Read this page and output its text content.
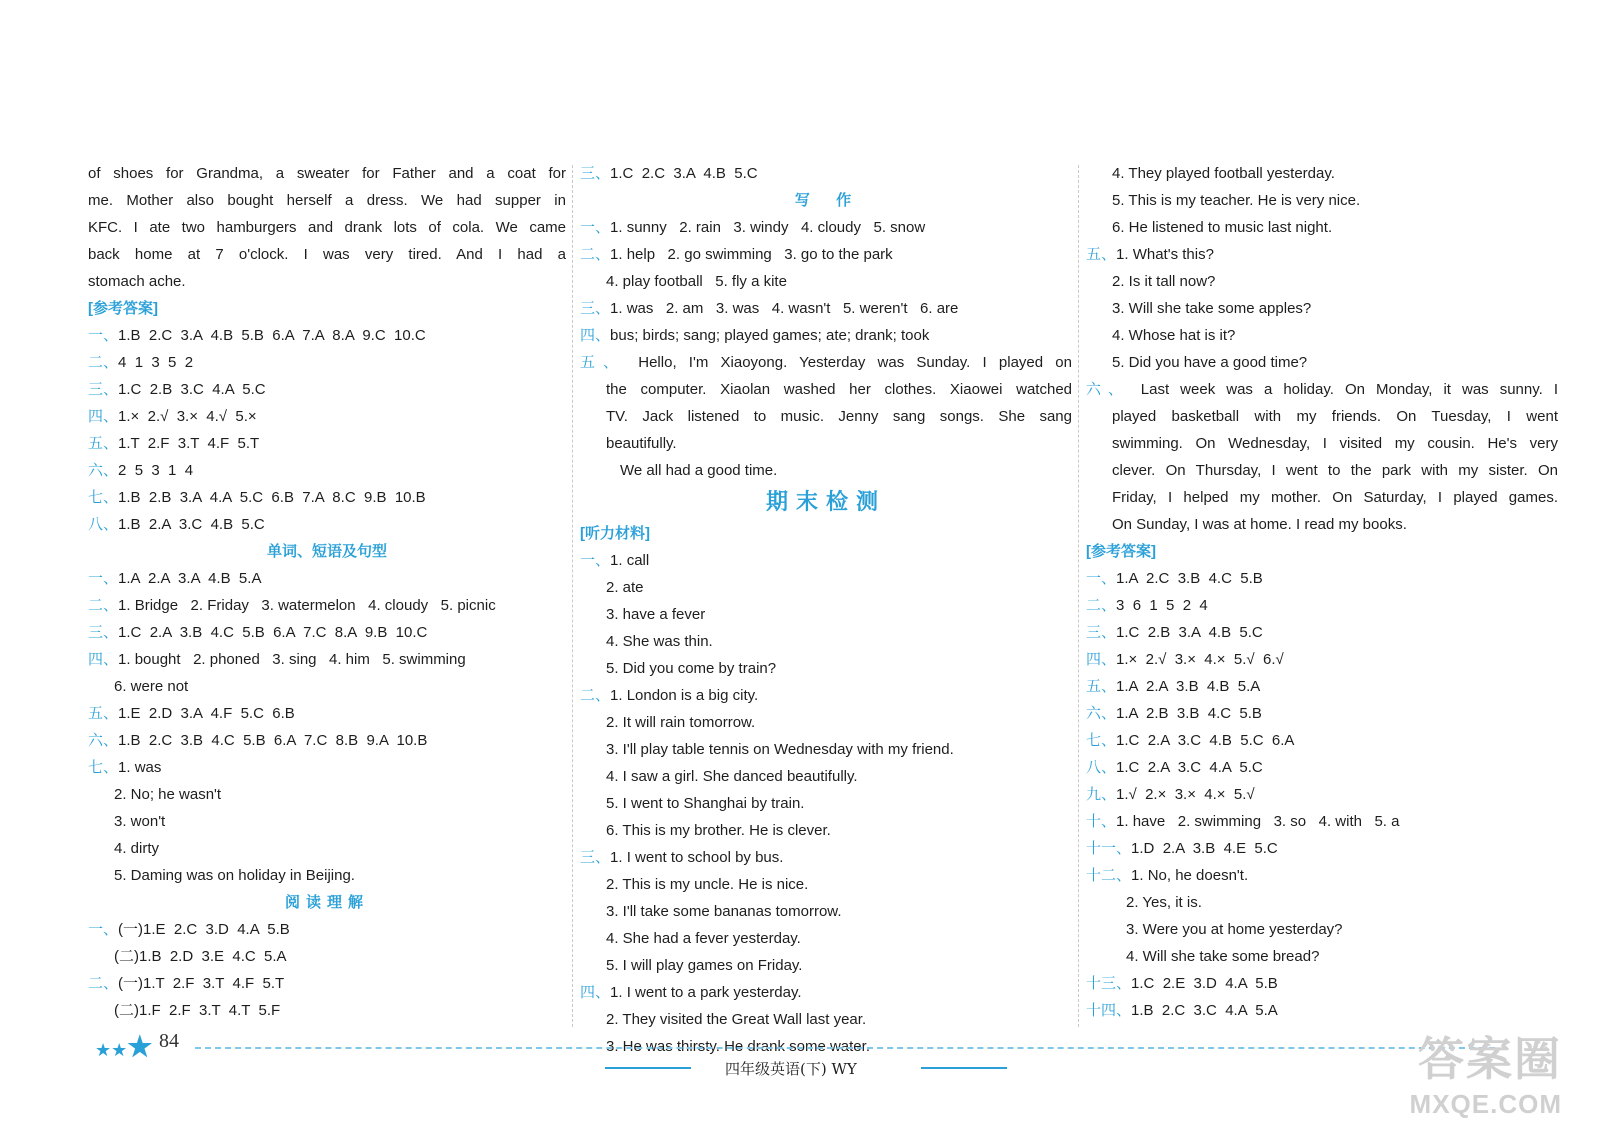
of shoes for Grandma, a sweater for Father and a coat for
me. Mother also bought herself a dress. We had supper in
KFC. I ate two hamburgers and drank lots of cola. We came
back home at 7 o'clock. I was very tired. And I had a
stomach ache.
[参考答案]
一、1.B  2.C  3.A  4.B  5.B  6.A  7.A  8.A  9.C  10.C
二、4  1  3  5  2
三、1.C  2.B  3.C  4.A  5.C
四、1.×  2.√  3.×  4.√  5.×
五、1.T  2.F  3.T  4.F  5.T
六、2  5  3  1  4
七、1.B  2.B  3.A  4.A  5.C  6.B  7.A  8.C  9.B  10.B
八、1.B  2.A  3.C  4.B  5.C
单词、短语及句型
一、1.A  2.A  3.A  4.B  5.A
二、1. Bridge   2. Friday   3. watermelon   4. cloudy   5. picnic
三、1.C  2.A  3.B  4.C  5.B  6.A  7.C  8.A  9.B  10.C
四、1. bought   2. phoned   3. sing   4. him   5. swimming
6. were not
五、1.E  2.D  3.A  4.F  5.C  6.B
六、1.B  2.C  3.B  4.C  5.B  6.A  7.C  8.B  9.A  10.B
七、1. was
2. No; he wasn't
3. won't
4. dirty
5. Daming was on holiday in Beijing.
阅读理解
一、(一)1.E  2.C  3.D  4.A  5.B
(二)1.B  2.D  3.E  4.C  5.A
二、(一)1.T  2.F  3.T  4.F  5.T
(二)1.F  2.F  3.T  4.T  5.F
三、1.C  2.C  3.A  4.B  5.C
写  作
一、1. sunny   2. rain   3. windy   4. cloudy   5. snow
二、1. help   2. go swimming   3. go to the park
4. play football   5. fly a kite
三、1. was   2. am   3. was   4. wasn't   5. weren't   6. are
四、bus; birds; sang; played games; ate; drank; took
五、 Hello, I'm Xiaoyong. Yesterday was Sunday. I played on
the computer. Xiaolan washed her clothes. Xiaowei watched
TV. Jack listened to music. Jenny sang songs. She sang
beautifully.
We all had a good time.
期末检测
[听力材料]
一、1. call
2. ate
3. have a fever
4. She was thin.
5. Did you come by train?
二、1. London is a big city.
2. It will rain tomorrow.
3. I'll play table tennis on Wednesday with my friend.
4. I saw a girl. She danced beautifully.
5. I went to Shanghai by train.
6. This is my brother. He is clever.
三、1. I went to school by bus.
2. This is my uncle. He is nice.
3. I'll take some bananas tomorrow.
4. She had a fever yesterday.
5. I will play games on Friday.
四、1. I went to a park yesterday.
2. They visited the Great Wall last year.
3. He was thirsty. He drank some water.
4. They played football yesterday.
5. This is my teacher. He is very nice.
6. He listened to music last night.
五、1. What's this?
2. Is it tall now?
3. Will she take some apples?
4. Whose hat is it?
5. Did you have a good time?
六、 Last week was a holiday. On Monday, it was sunny. I
played basketball with my friends. On Tuesday, I went
swimming. On Wednesday, I visited my cousin. He's very
clever. On Thursday, I went to the park with my sister. On
Friday, I helped my mother. On Saturday, I played games.
On Sunday, I was at home. I read my books.
[参考答案]
一、1.A  2.C  3.B  4.C  5.B
二、3  6  1  5  2  4
三、1.C  2.B  3.A  4.B  5.C
四、1.×  2.√  3.×  4.×  5.√  6.√
五、1.A  2.A  3.B  4.B  5.A
六、1.A  2.B  3.B  4.C  5.B
七、1.C  2.A  3.C  4.B  5.C  6.A
八、1.C  2.A  3.C  4.A  5.C
九、1.√  2.×  3.×  4.×  5.√
十、1. have   2. swimming   3. so   4. with   5. a
十一、1.D  2.A  3.B  4.E  5.C
十二、1. No, he doesn't.
2. Yes, it is.
3. Were you at home yesterday?
4. Will she take some bread?
十三、1.C  2.E  3.D  4.A  5.B
十四、1.B  2.C  3.C  4.A  5.A
★★★ 84
四年级英语(下) WY	答案圈
MXQE.COM
